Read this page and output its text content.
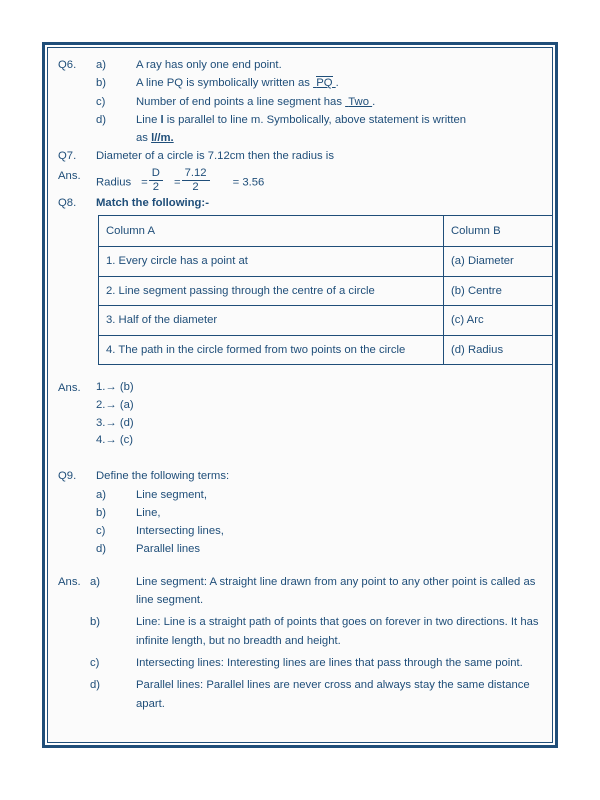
Q6.	a)	A ray has only one end point.
b)	A line PQ is symbolically written as  PQ .
c)	Number of end points a line segment has  Two .
d)	Line l is parallel to line m. Symbolically, above statement is written
as l//m.
Q7.	Diameter of a circle is 7.12cm then the radius is
Ans.
Radius = $\frac{D}{2} = \frac{7.12}{2} = 3.56$
Q8.	Match the following:-
Column A	Column B
1. Every circle has a point at	(a) Diameter
2. Line segment passing through the centre of a circle	(b) Centre
3. Half of the diameter	(c) Arc
4. The path in the circle formed from two points on the circle	(d) Radius
Ans.	1.→ (b)
2.→ (a)
3.→ (d)
4.→ (c)
Q9.	Define the following terms:
a)	Line segment,
b)	Line,
c)	Intersecting lines,
d)	Parallel lines
Ans. a)	Line segment: A straight line drawn from any point to any other point is called as line segment.
b)	Line: Line is a straight path of points that goes on forever in two directions. It has infinite length, but no breadth and height.
c)	Intersecting lines: Interesting lines are lines that pass through the same point.
d)	Parallel lines: Parallel lines are never cross and always stay the same distance apart.
